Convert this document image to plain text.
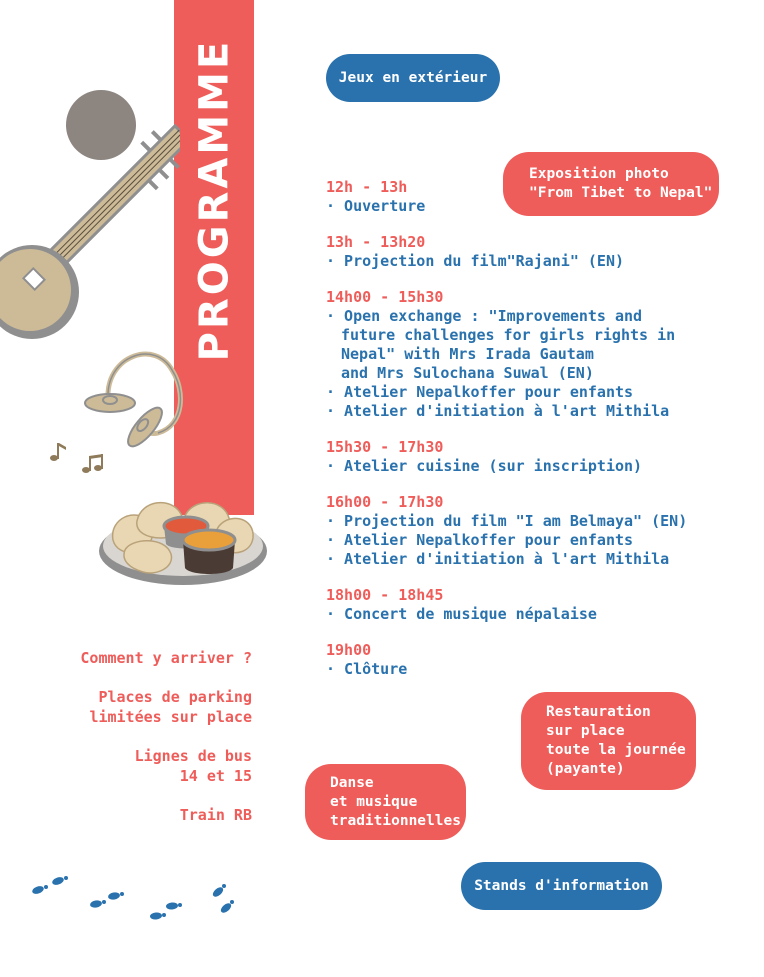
PROGRAMME	Jeux en extérieur
Exposition photo
"From Tibet to Nepal"
Restauration
sur place
toute la journée
(payante)
Danse
et musique
traditionnelles
Stands d'information
12h - 13h
· Ouverture
13h - 13h20
· Projection du film"Rajani" (EN)
14h00 - 15h30
· Open exchange : "Improvements and
future challenges for girls rights in
Nepal" with Mrs Irada Gautam
and Mrs Sulochana Suwal (EN)
· Atelier Nepalkoffer pour enfants
· Atelier d'initiation à l'art Mithila
15h30 - 17h30
· Atelier cuisine (sur inscription)
16h00 - 17h30
· Projection du film "I am Belmaya" (EN)
· Atelier Nepalkoffer pour enfants
· Atelier d'initiation à l'art Mithila
18h00 - 18h45
· Concert de musique népalaise
19h00
· Clôture
Comment y arriver ?
Places de parking
limitées sur place
Lignes de bus
14 et 15
Train RB
